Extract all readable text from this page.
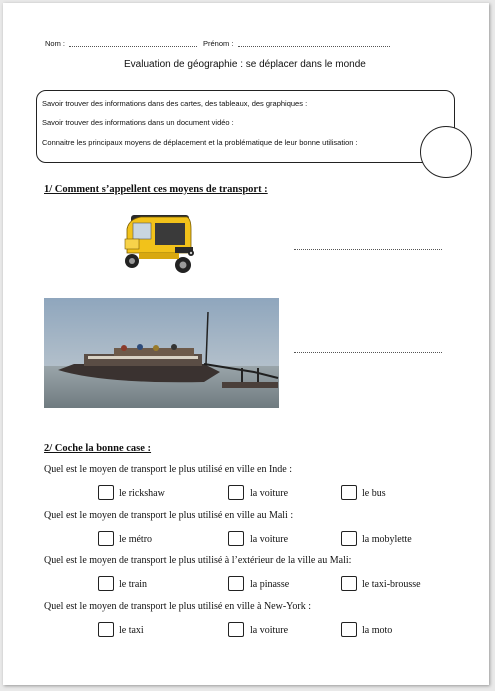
Nom :	Prénom :
Evaluation de géographie : se déplacer dans le monde
Savoir trouver des informations dans des cartes, des tableaux, des graphiques :
Savoir trouver des informations dans un document vidéo :
Connaitre les principaux moyens de déplacement et la problématique de leur bonne utilisation :
1/ Comment s’appellent ces moyens de transport :
2/ Coche la bonne case :
Quel est le moyen de transport le plus utilisé en ville en Inde :
le rickshaw	la voiture	le bus
Quel est le moyen de transport le plus utilisé en ville au Mali :
le métro	la voiture	la mobylette
Quel est le moyen de transport le plus utilisé à l’extérieur de la ville au Mali:
le train	la pinasse	le taxi-brousse
Quel est le moyen de transport le plus utilisé en ville à New-York :
le taxi	la voiture	la moto
